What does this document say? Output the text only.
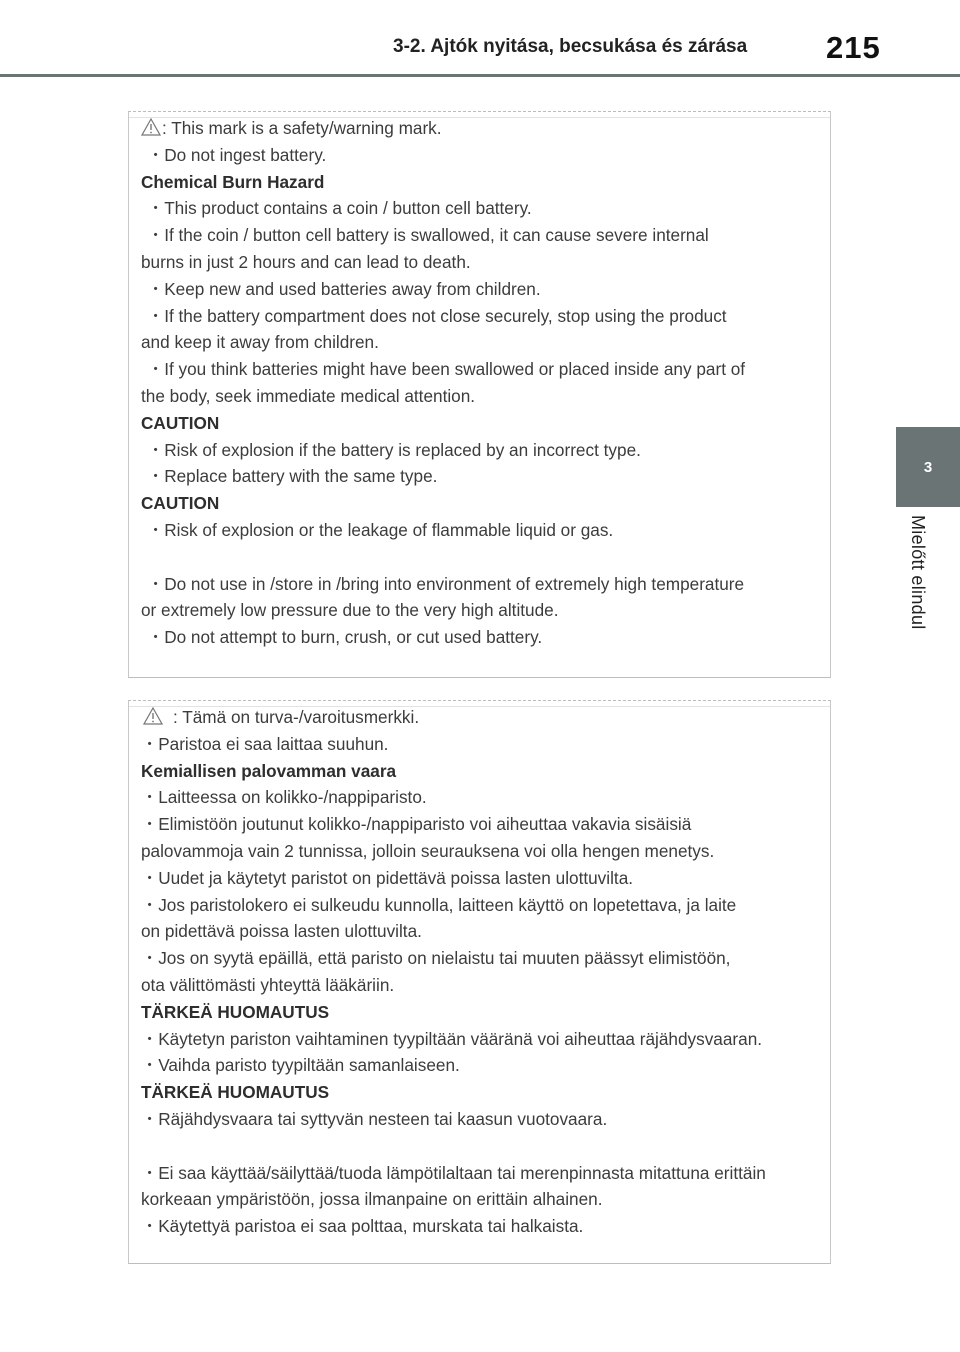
3-2. Ajtók nyitása, becsukása és zárása	215
3
Mielőtt elindul
: This mark is a safety/warning mark.
・Do not ingest battery.
Chemical Burn Hazard
・This product contains a coin / button cell battery.
・If the coin / button cell battery is swallowed, it can cause severe internal
burns in just 2 hours and can lead to death.
・Keep new and used batteries away from children.
・If the battery compartment does not close securely, stop using the product
and keep it away from children.
・If you think batteries might have been swallowed or placed inside any part of
the body, seek immediate medical attention.
CAUTION
・Risk of explosion if the battery is replaced by an incorrect type.
・Replace battery with the same type.
CAUTION
・Risk of explosion or the leakage of flammable liquid or gas.
・Do not use in /store in /bring into environment of extremely high temperature
or extremely low pressure due to the very high altitude.
・Do not attempt to burn, crush, or cut used battery.
: Tämä on turva-/varoitusmerkki.
・Paristoa ei saa laittaa suuhun.
Kemiallisen palovamman vaara
・Laitteessa on kolikko-/nappiparisto.
・Elimistöön joutunut kolikko-/nappiparisto voi aiheuttaa vakavia sisäisiä
palovammoja vain 2 tunnissa, jolloin seurauksena voi olla hengen menetys.
・Uudet ja käytetyt paristot on pidettävä poissa lasten ulottuvilta.
・Jos paristolokero ei sulkeudu kunnolla, laitteen käyttö on lopetettava, ja laite
on pidettävä poissa lasten ulottuvilta.
・Jos on syytä epäillä, että paristo on nielaistu tai muuten päässyt elimistöön,
ota välittömästi yhteyttä lääkäriin.
TÄRKEÄ HUOMAUTUS
・Käytetyn pariston vaihtaminen tyypiltään vääränä voi aiheuttaa räjähdysvaaran.
・Vaihda paristo tyypiltään samanlaiseen.
TÄRKEÄ HUOMAUTUS
・Räjähdysvaara tai syttyvän nesteen tai kaasun vuotovaara.
・Ei saa käyttää/säilyttää/tuoda lämpötilaltaan tai merenpinnasta mitattuna erittäin
korkeaan ympäristöön, jossa ilmanpaine on erittäin alhainen.
・Käytettyä paristoa ei saa polttaa, murskata tai halkaista.
